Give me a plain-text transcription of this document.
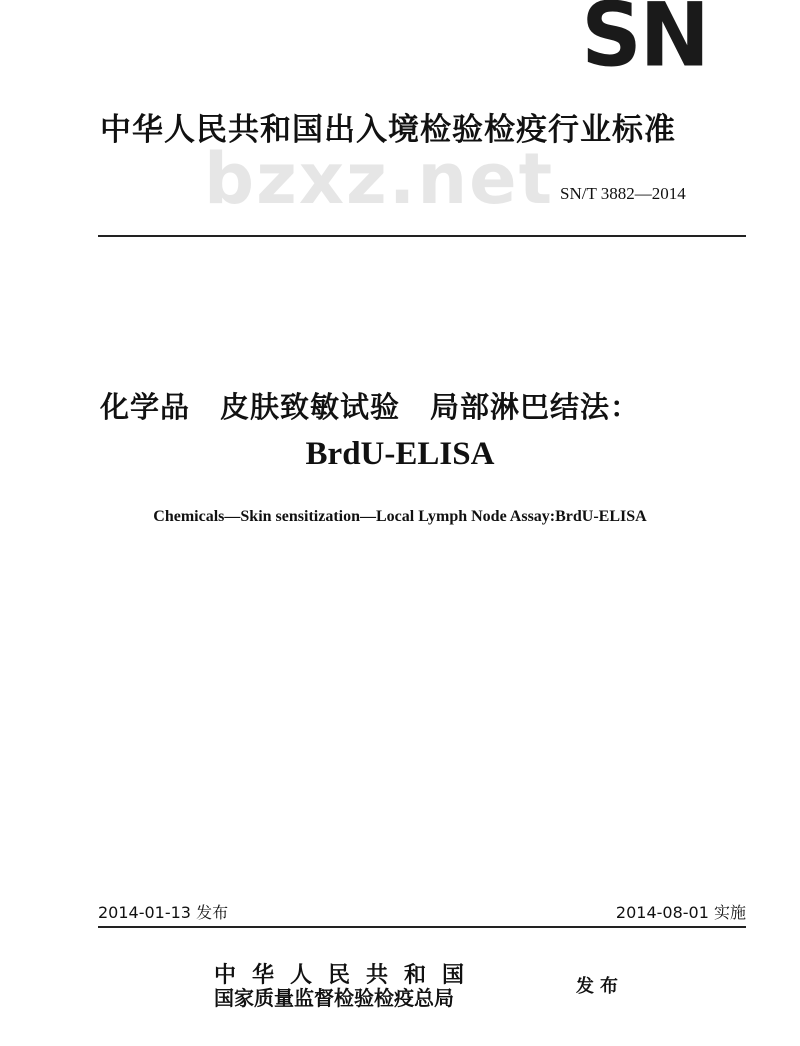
SN
中华人民共和国出入境检验检疫行业标准
bzxz.net SN/T 3882—2014
化学品　皮肤致敏试验　局部淋巴结法：
BrdU-ELISA
Chemicals—Skin sensitization—Local Lymph Node Assay:BrdU-ELISA
2014-01-13 发布	2014-08-01 实施
中华人民共和国
国家质量监督检验检疫总局	发布
